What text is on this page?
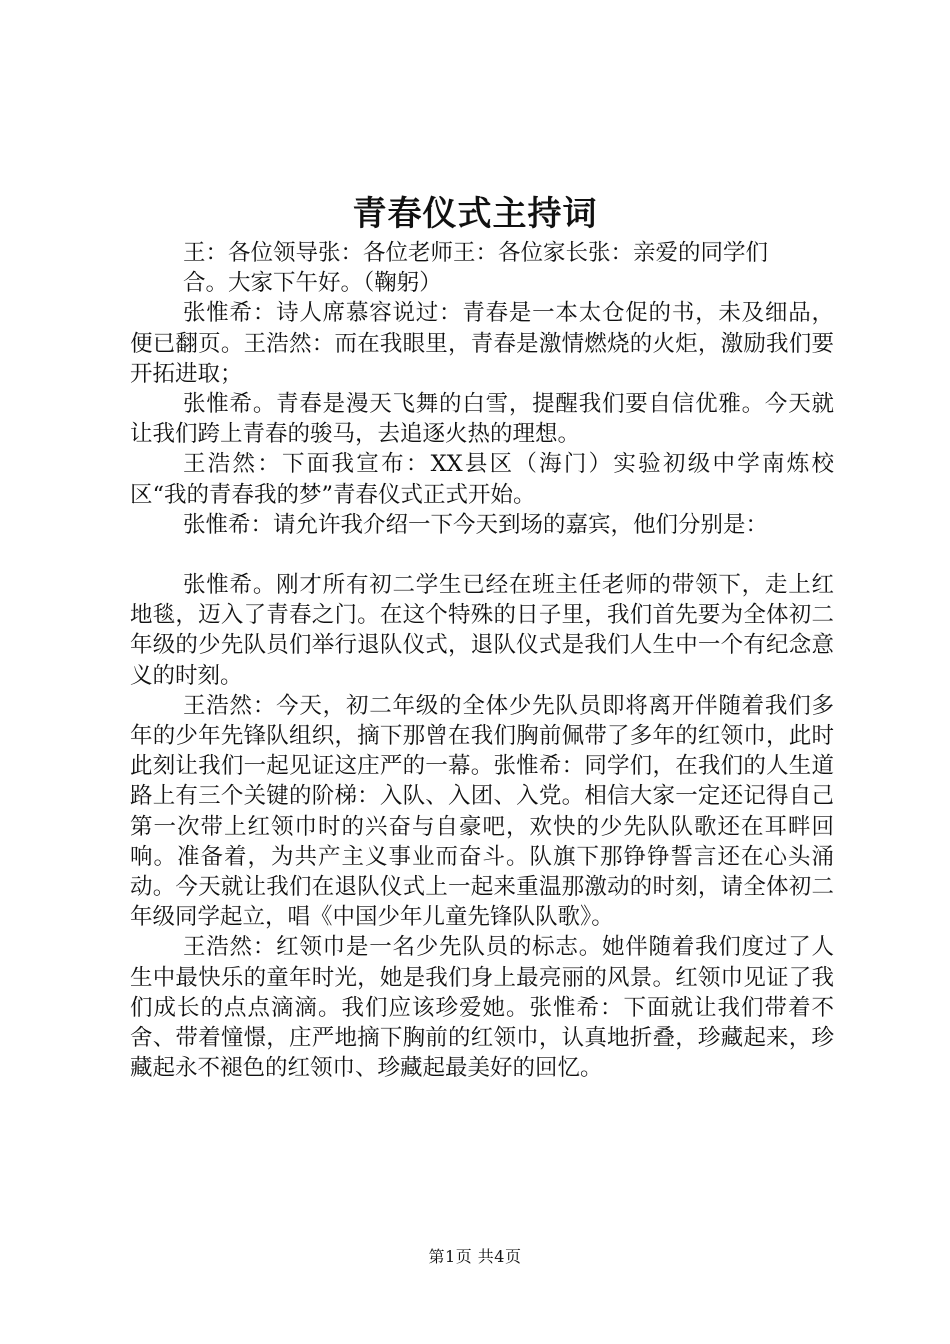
青春仪式主持词

王：各位领导张：各位老师王：各位家长张：亲爱的同学们

合。大家下午好。（鞠躬）

张惟希：诗人席慕容说过：青春是一本太仓促的书，未及细品，便已翻页。王浩然：而在我眼里，青春是激情燃烧的火炬，激励我们要开拓进取；

张惟希。青春是漫天飞舞的白雪，提醒我们要自信优雅。今天就让我们跨上青春的骏马，去追逐火热的理想。

王浩然：下面我宣布：XX县区（海门）实验初级中学南炼校区“我的青春我的梦”青春仪式正式开始。

张惟希：请允许我介绍一下今天到场的嘉宾，他们分别是：

张惟希。刚才所有初二学生已经在班主任老师的带领下，走上红地毯，迈入了青春之门。在这个特殊的日子里，我们首先要为全体初二年级的少先队员们举行退队仪式，退队仪式是我们人生中一个有纪念意义的时刻。

王浩然：今天，初二年级的全体少先队员即将离开伴随着我们多年的少年先锋队组织，摘下那曾在我们胸前佩带了多年的红领巾，此时此刻让我们一起见证这庄严的一幕。张惟希：同学们，在我们的人生道路上有三个关键的阶梯：入队、入团、入党。相信大家一定还记得自己第一次带上红领巾时的兴奋与自豪吧，欢快的少先队队歌还在耳畔回响。准备着，为共产主义事业而奋斗。队旗下那铮铮誓言还在心头涌动。今天就让我们在退队仪式上一起来重温那激动的时刻，请全体初二年级同学起立，唱《中国少年儿童先锋队队歌》。

王浩然：红领巾是一名少先队员的标志。她伴随着我们度过了人生中最快乐的童年时光，她是我们身上最亮丽的风景。红领巾见证了我们成长的点点滴滴。我们应该珍爱她。张惟希：下面就让我们带着不舍、带着憧憬，庄严地摘下胸前的红领巾，认真地折叠，珍藏起来，珍藏起永不褪色的红领巾、珍藏起最美好的回忆。

第1页 共4页
